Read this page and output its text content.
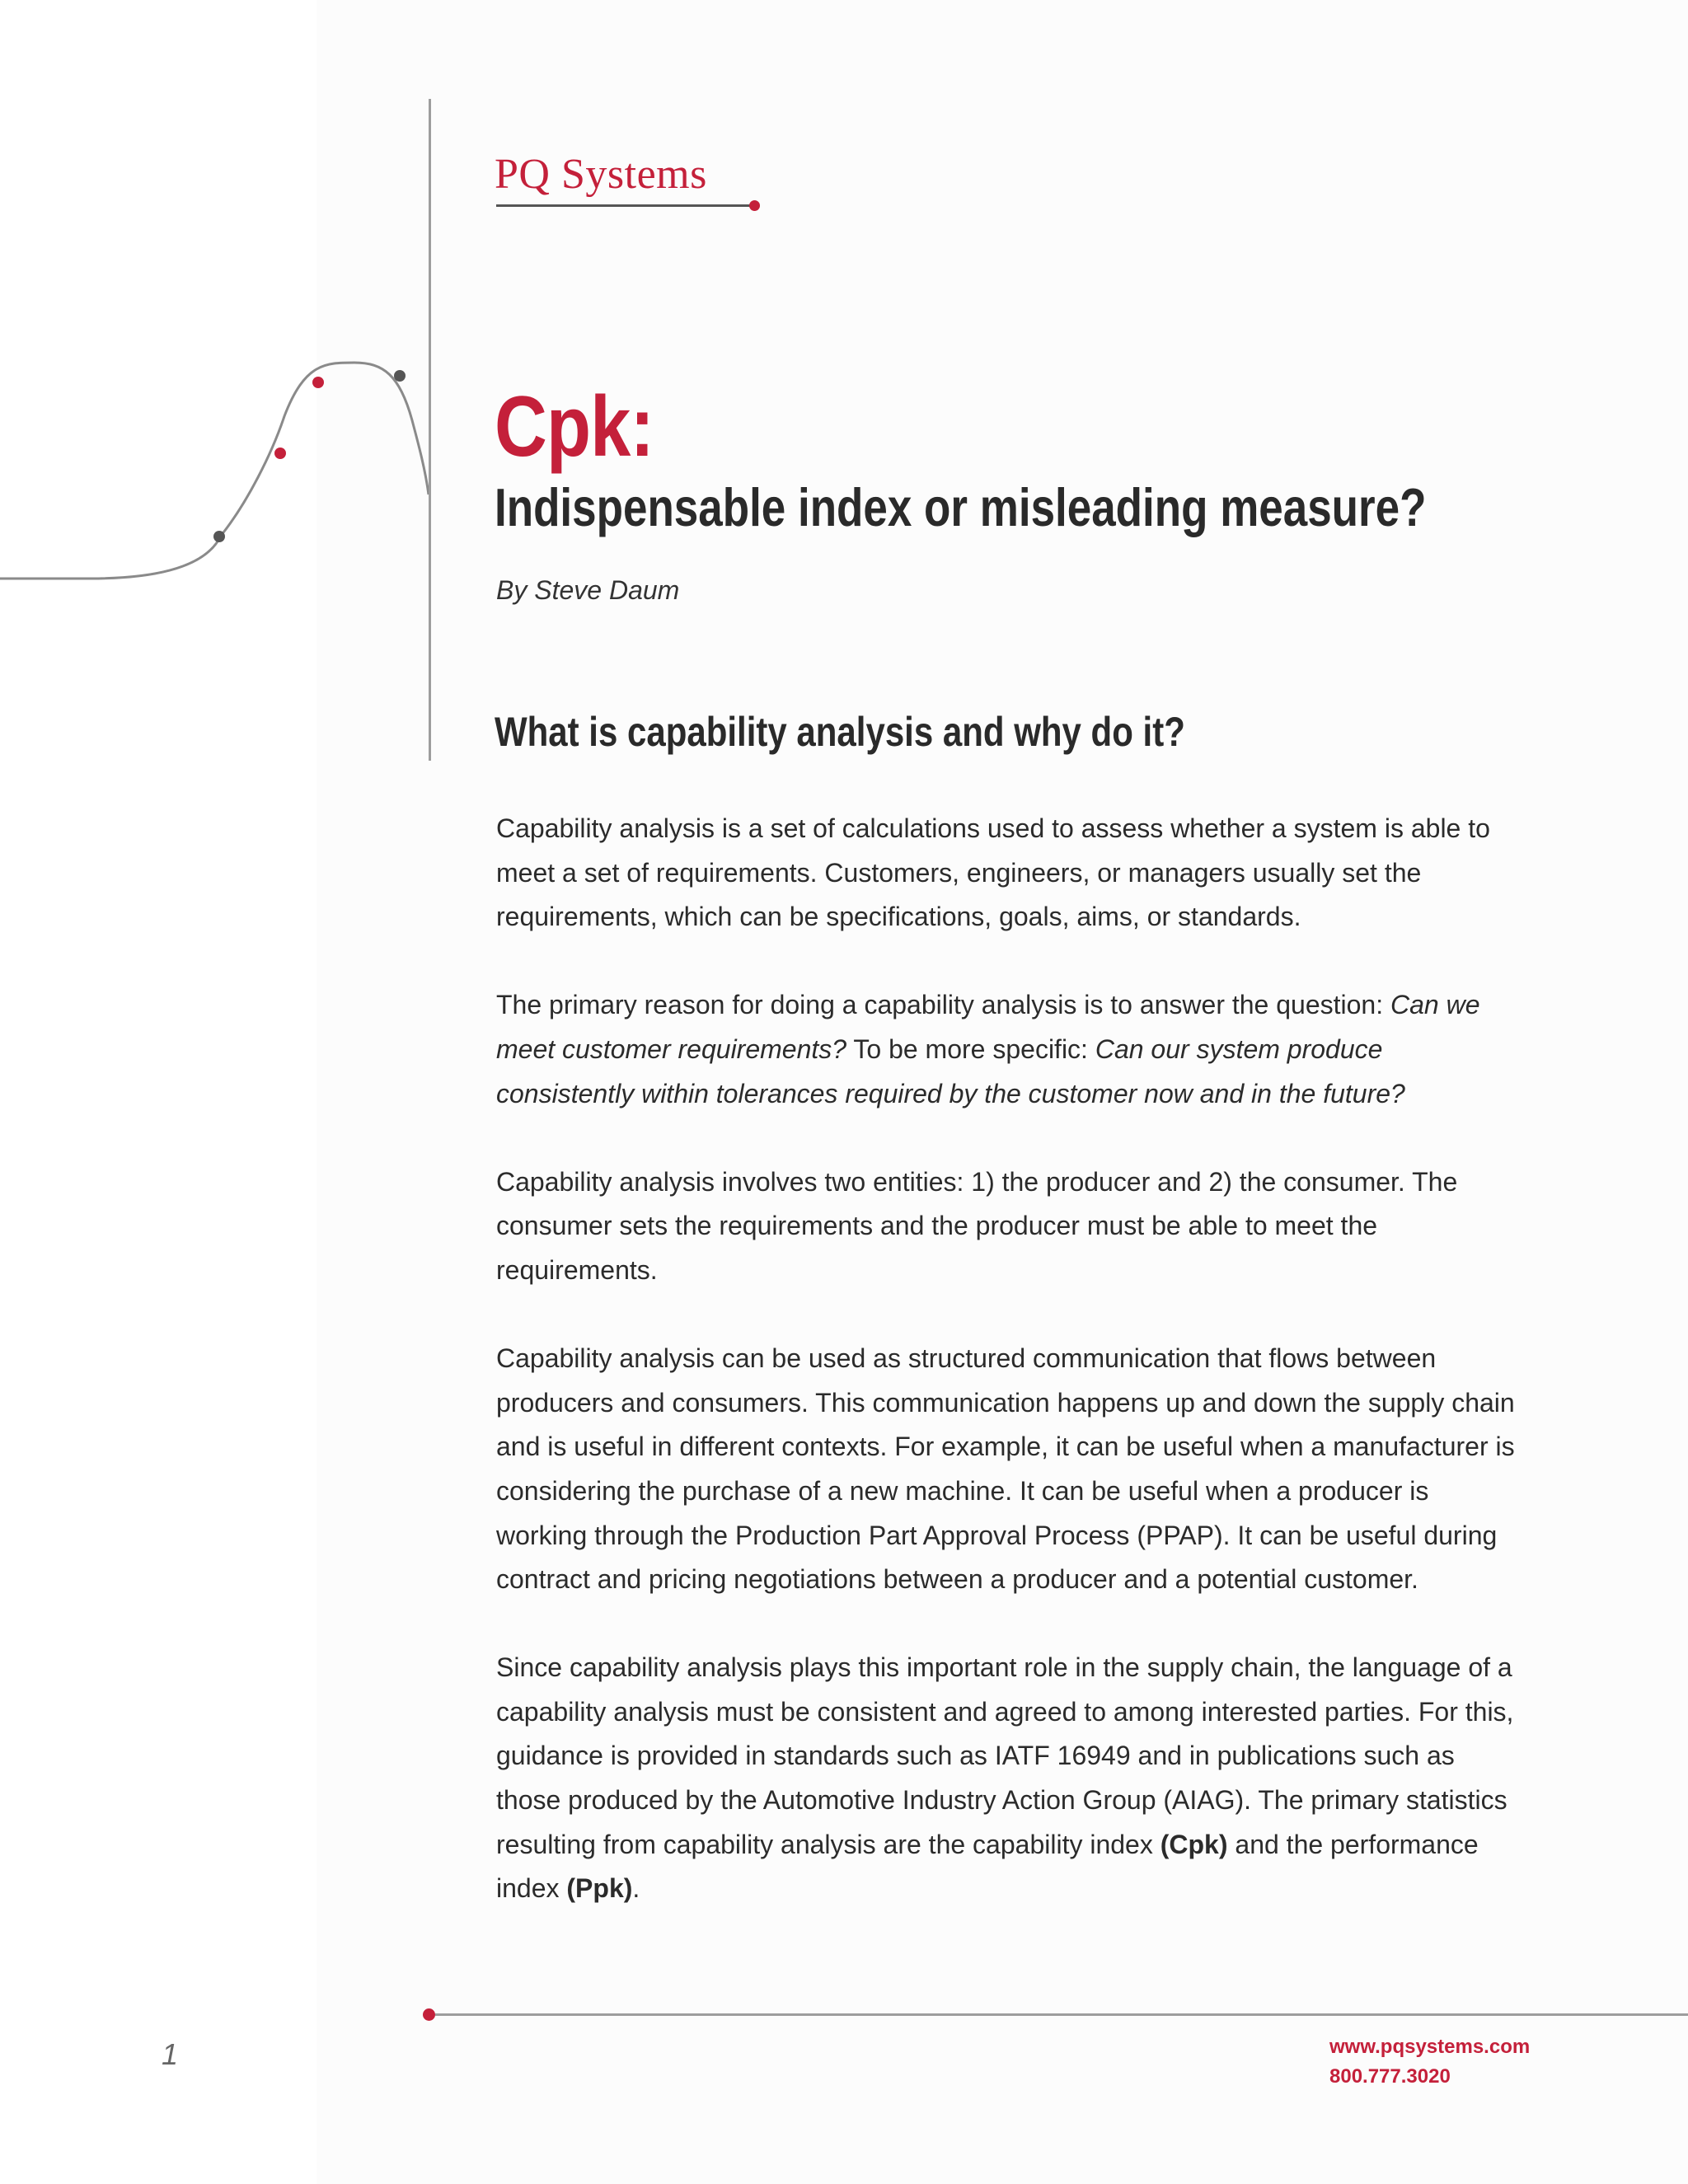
PQ Systems
Cpk:
Indispensable index or misleading measure?
By Steve Daum
What is capability analysis and why do it?

Capability analysis is a set of calculations used to assess whether a system is able to meet a set of requirements. Customers, engineers, or managers usually set the requirements, which can be specifications, goals, aims, or standards.

The primary reason for doing a capability analysis is to answer the question: Can we meet customer requirements? To be more specific: Can our system produce consistently within tolerances required by the customer now and in the future?

Capability analysis involves two entities: 1) the producer and 2) the consumer. The consumer sets the requirements and the producer must be able to meet the requirements.

Capability analysis can be used as structured communication that flows between producers and consumers. This communication happens up and down the supply chain and is useful in different contexts. For example, it can be useful when a manufacturer is considering the purchase of a new machine. It can be useful when a producer is working through the Production Part Approval Process (PPAP). It can be useful during contract and pricing negotiations between a producer and a potential customer.

Since capability analysis plays this important role in the supply chain, the language of a capability analysis must be consistent and agreed to among interested parties. For this, guidance is provided in standards such as IATF 16949 and in publications such as those produced by the Automotive Industry Action Group (AIAG). The primary statistics resulting from capability analysis are the capability index (Cpk) and the performance index (Ppk).

1	www.pqsystems.com
800.777.3020
